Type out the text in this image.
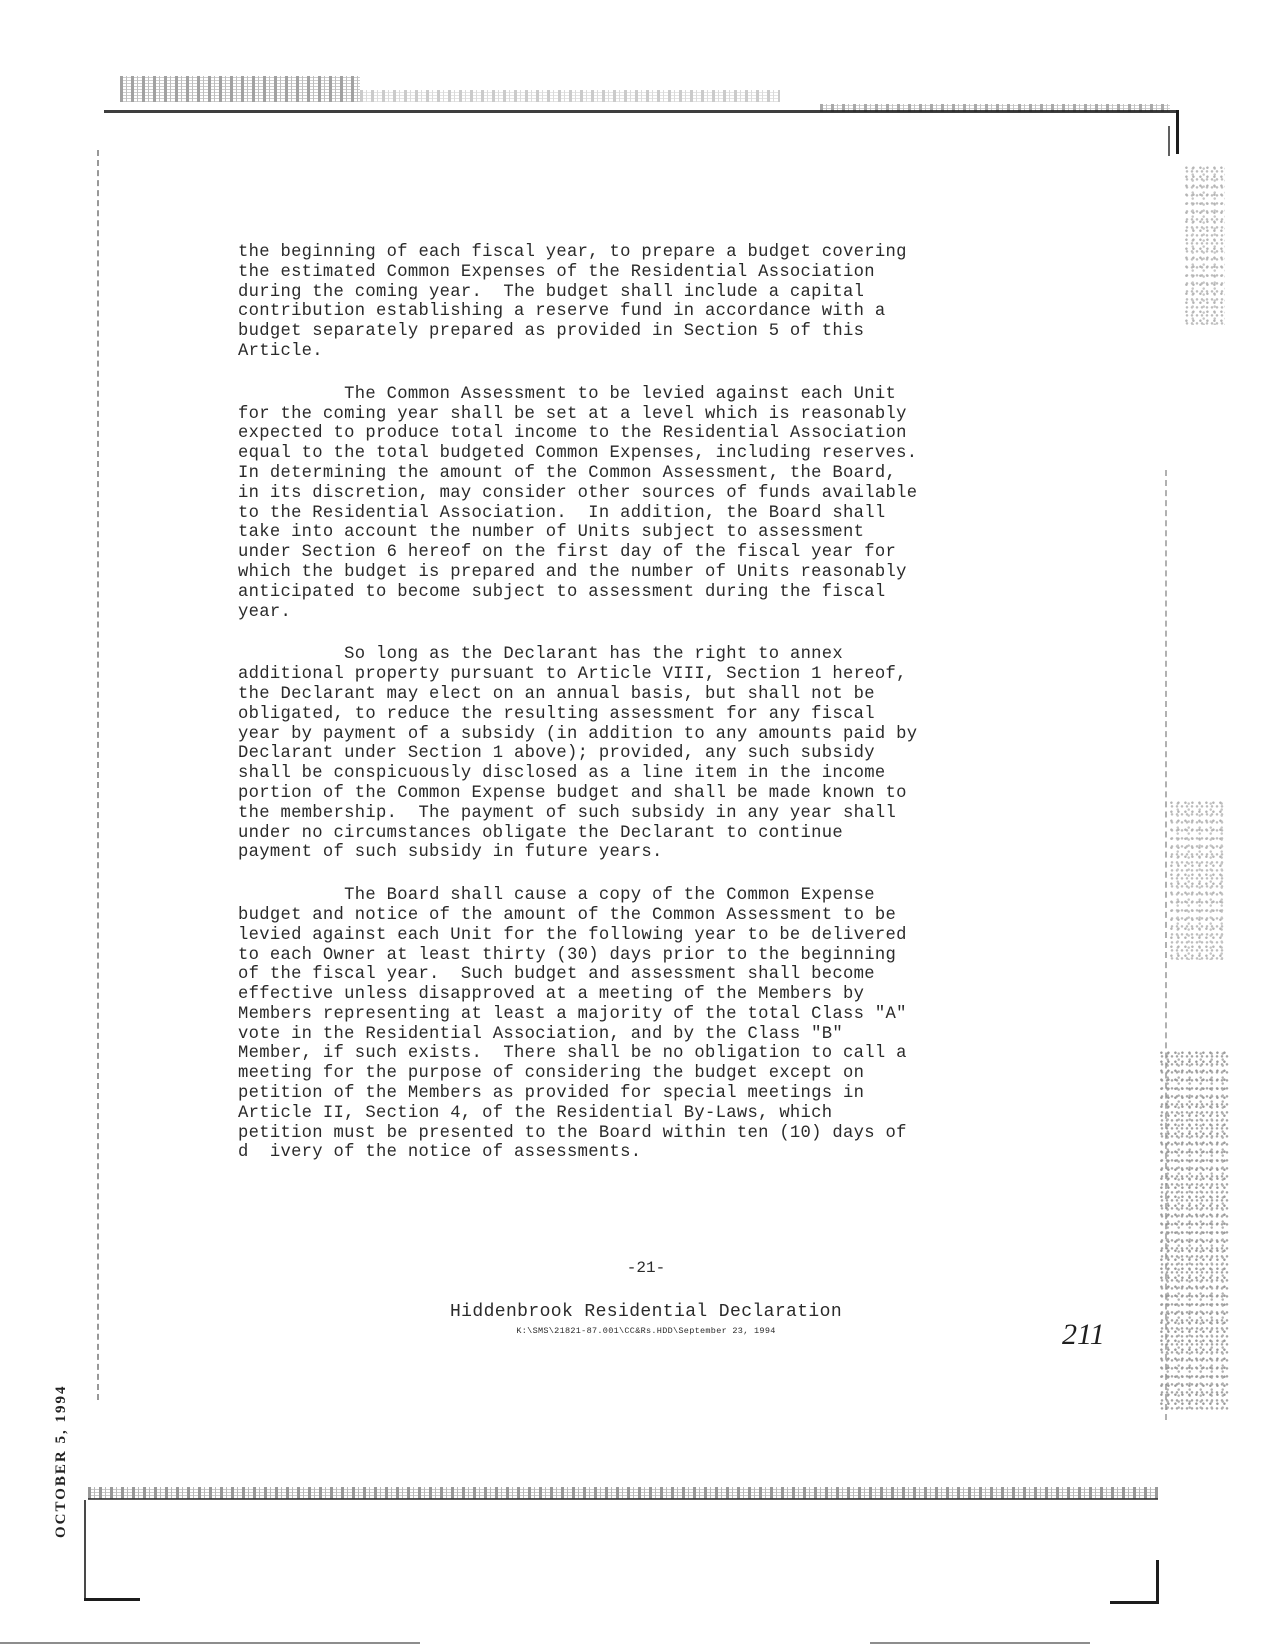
the beginning of each fiscal year, to prepare a budget covering
the estimated Common Expenses of the Residential Association
during the coming year.  The budget shall include a capital
contribution establishing a reserve fund in accordance with a
budget separately prepared as provided in Section 5 of this
Article.

The Common Assessment to be levied against each Unit
for the coming year shall be set at a level which is reasonably
expected to produce total income to the Residential Association
equal to the total budgeted Common Expenses, including reserves.
In determining the amount of the Common Assessment, the Board,
in its discretion, may consider other sources of funds available
to the Residential Association.  In addition, the Board shall
take into account the number of Units subject to assessment
under Section 6 hereof on the first day of the fiscal year for
which the budget is prepared and the number of Units reasonably
anticipated to become subject to assessment during the fiscal
year.

So long as the Declarant has the right to annex
additional property pursuant to Article VIII, Section 1 hereof,
the Declarant may elect on an annual basis, but shall not be
obligated, to reduce the resulting assessment for any fiscal
year by payment of a subsidy (in addition to any amounts paid by
Declarant under Section 1 above); provided, any such subsidy
shall be conspicuously disclosed as a line item in the income
portion of the Common Expense budget and shall be made known to
the membership.  The payment of such subsidy in any year shall
under no circumstances obligate the Declarant to continue
payment of such subsidy in future years.

The Board shall cause a copy of the Common Expense
budget and notice of the amount of the Common Assessment to be
levied against each Unit for the following year to be delivered
to each Owner at least thirty (30) days prior to the beginning
of the fiscal year.  Such budget and assessment shall become
effective unless disapproved at a meeting of the Members by
Members representing at least a majority of the total Class "A"
vote in the Residential Association, and by the Class "B"
Member, if such exists.  There shall be no obligation to call a
meeting for the purpose of considering the budget except on
petition of the Members as provided for special meetings in
Article II, Section 4, of the Residential By-Laws, which
petition must be presented to the Board within ten (10) days of
d  ivery of the notice of assessments.

-21-
Hiddenbrook Residential Declaration
K:\SMS\21821-87.001\CC&Rs.HDD\September 23, 1994	211
OCTOBER 5, 1994
